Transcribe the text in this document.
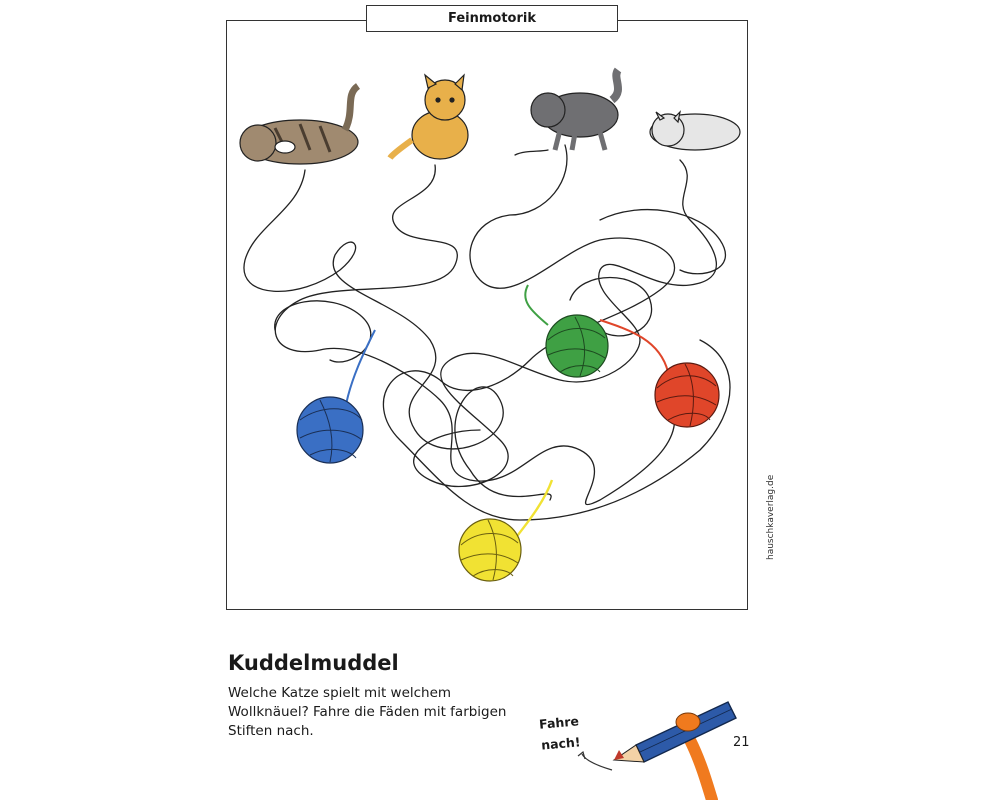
Feinmotorik
hauschkaverlag.de
Kuddelmuddel
Welche Katze spielt mit welchem
Wollknäuel? Fahre die Fäden mit farbigen
Stiften nach.	Fahre
nach!	21
